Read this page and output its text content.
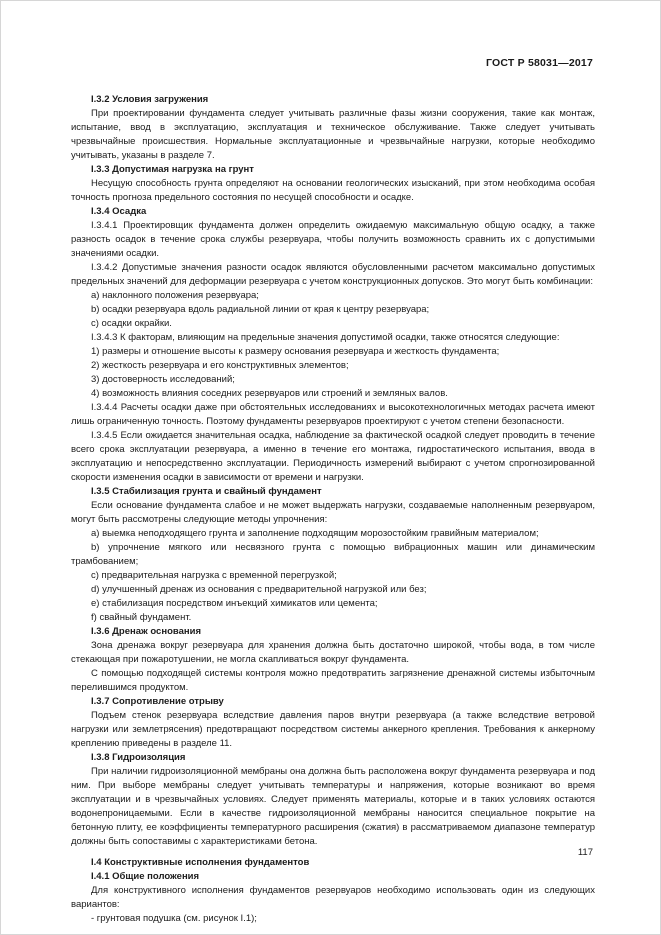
ГОСТ Р 58031—2017

I.3.2 Условия загружения

При проектировании фундамента следует учитывать различные фазы жизни сооружения, такие как монтаж, испытание, ввод в эксплуатацию, эксплуатация и техническое обслуживание. Также следует учитывать чрезвычайные происшествия. Нормальные эксплуатационные и чрезвычайные нагрузки, которые необходимо учитывать, указаны в разделе 7.

I.3.3 Допустимая нагрузка на грунт

Несущую способность грунта определяют на основании геологических изысканий, при этом необходима особая точность прогноза предельного состояния по несущей способности и осадке.

I.3.4 Осадка

I.3.4.1 Проектировщик фундамента должен определить ожидаемую максимальную общую осадку, а также разность осадок в течение срока службы резервуара, чтобы получить возможность сравнить их с допустимыми значениями осадки.

I.3.4.2 Допустимые значения разности осадок являются обусловленными расчетом максимально допустимых предельных значений для деформации резервуара с учетом конструкционных допусков. Это могут быть комбинации:

a) наклонного положения резервуара;

b) осадки резервуара вдоль радиальной линии от края к центру резервуара;

c) осадки окрайки.

I.3.4.3 К факторам, влияющим на предельные значения допустимой осадки, также относятся следующие:

1) размеры и отношение высоты к размеру основания резервуара и жесткость фундамента;

2) жесткость резервуара и его конструктивных элементов;

3) достоверность исследований;

4) возможность влияния соседних резервуаров или строений и земляных валов.

I.3.4.4 Расчеты осадки даже при обстоятельных исследованиях и высокотехнологичных методах расчета имеют лишь ограниченную точность. Поэтому фундаменты резервуаров проектируют с учетом степени безопасности.

I.3.4.5 Если ожидается значительная осадка, наблюдение за фактической осадкой следует проводить в течение всего срока эксплуатации резервуара, а именно в течение его монтажа, гидростатического испытания, ввода в эксплуатацию и непосредственно эксплуатации. Периодичность измерений выбирают с учетом спрогнозированной скорости изменения осадки в зависимости от времени и нагрузки.

I.3.5 Стабилизация грунта и свайный фундамент

Если основание фундамента слабое и не может выдержать нагрузки, создаваемые наполненным резервуаром, могут быть рассмотрены следующие методы упрочнения:

a) выемка неподходящего грунта и заполнение подходящим морозостойким гравийным материалом;

b) упрочнение мягкого или несвязного грунта с помощью вибрационных машин или динамическим трамбованием;

c) предварительная нагрузка с временной перегрузкой;

d) улучшенный дренаж из основания с предварительной нагрузкой или без;

e) стабилизация посредством инъекций химикатов или цемента;

f) свайный фундамент.

I.3.6 Дренаж основания

Зона дренажа вокруг резервуара для хранения должна быть достаточно широкой, чтобы вода, в том числе стекающая при пожаротушении, не могла скапливаться вокруг фундамента.

С помощью подходящей системы контроля можно предотвратить загрязнение дренажной системы избыточным перелившимся продуктом.

I.3.7 Сопротивление отрыву

Подъем стенок резервуара вследствие давления паров внутри резервуара (а также вследствие ветровой нагрузки или землетрясения) предотвращают посредством системы анкерного крепления. Требования к анкерному креплению приведены в разделе 11.

I.3.8 Гидроизоляция

При наличии гидроизоляционной мембраны она должна быть расположена вокруг фундамента резервуара и под ним. При выборе мембраны следует учитывать температуры и напряжения, которые возникают во время эксплуатации и в чрезвычайных условиях. Следует применять материалы, которые и в таких условиях остаются водонепроницаемыми. Если в качестве гидроизоляционной мембраны наносится специальное покрытие на бетонную плиту, ее коэффициенты температурного расширения (сжатия) в рассматриваемом диапазоне температур должны быть сопоставимы с характеристиками бетона.

I.4 Конструктивные исполнения фундаментов

I.4.1 Общие положения

Для конструктивного исполнения фундаментов резервуаров необходимо использовать один из следующих вариантов:

- грунтовая подушка (см. рисунок I.1);

117
